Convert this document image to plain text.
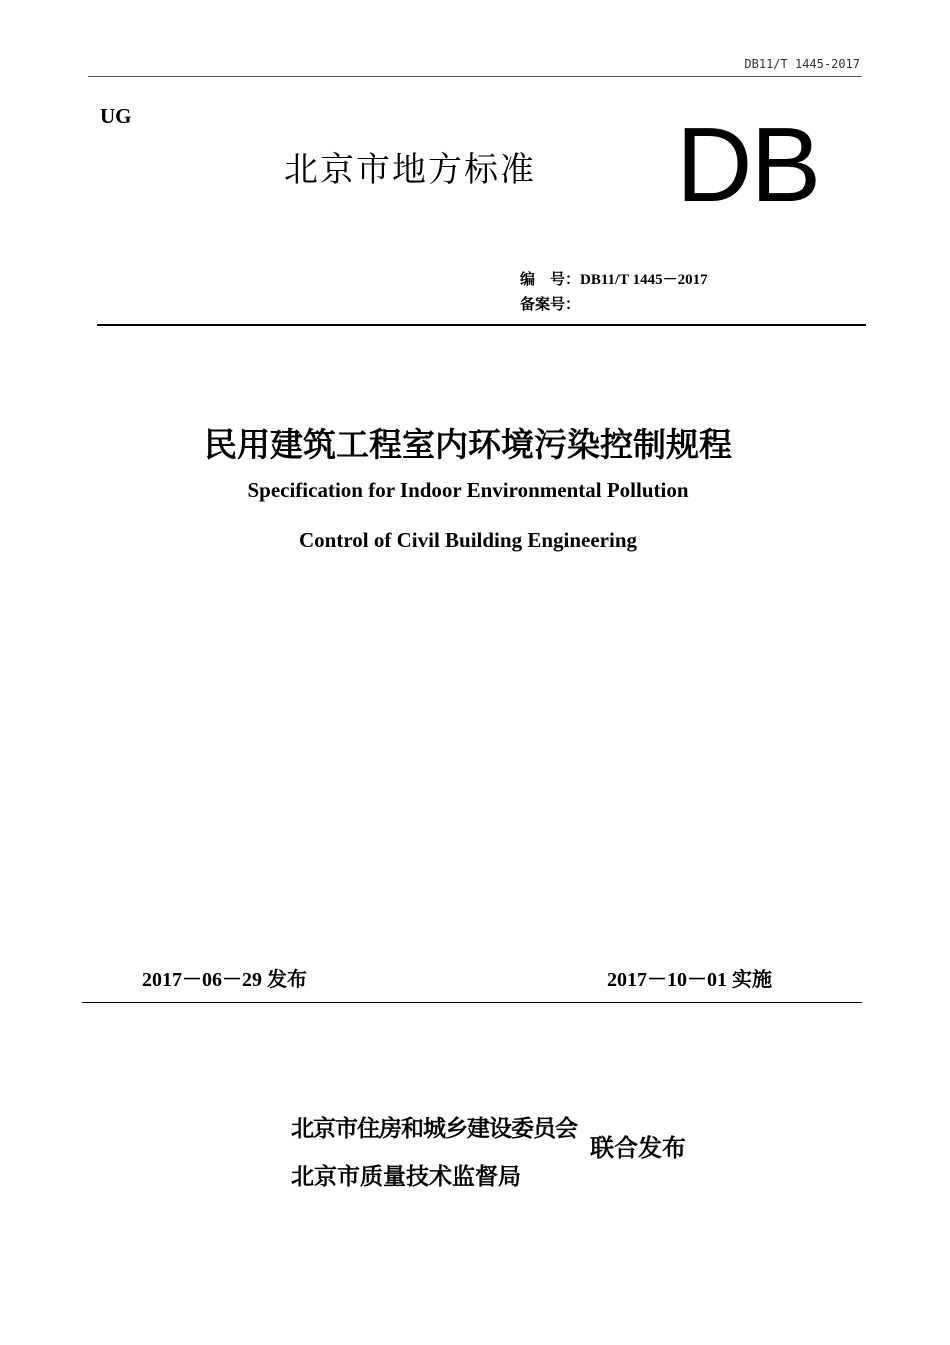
DB11/T 1445-2017
UG
北京市地方标准 DB
编　号：DB11/T 1445－2017
备案号：
民用建筑工程室内环境污染控制规程
Specification for Indoor Environmental Pollution
Control of Civil Building Engineering
2017－06－29 发布	2017－10－01 实施
北京市住房和城乡建设委员会
北京市质量技术监督局
联合发布
